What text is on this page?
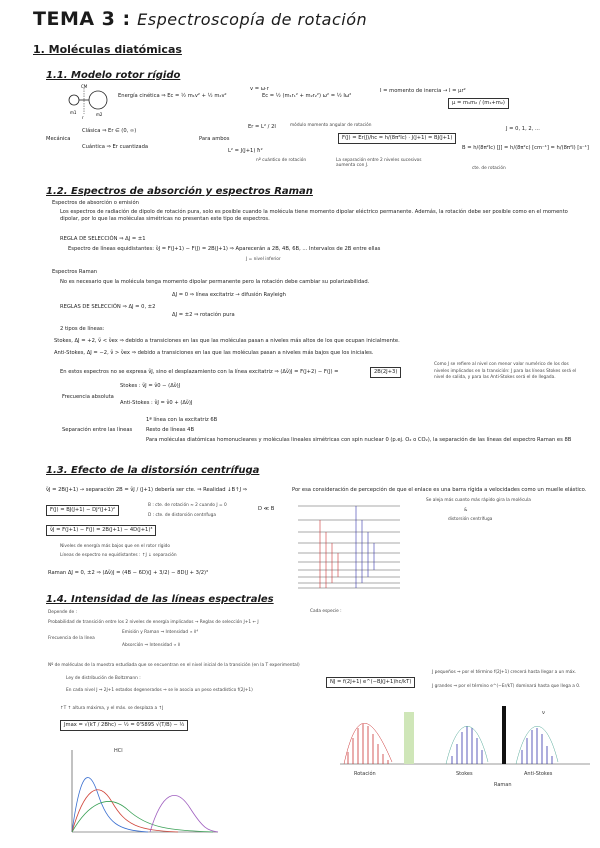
TEMA 3 : Espectroscopía de rotación
1. Moléculas diatómicas
1.1. Modelo rotor rígido
CM
m1	m2
r
Energía cinética ⇒ Ec = ½ m₁v² + ½ m₂v²
v = ω·r
Ec = ½ (m₁r₁² + m₂r₂²) ω² = ½ Iω²
I = momento de inercia → I = μr²
μ = m₁m₂ / (m₁+m₂)
Mecánica
Clásica ⇒ Er ∈ (0, ∞)
Cuántica ⇒ Er cuantizada
Para ambos
Er = L² / 2I	módulo momento angular de rotación
L² = J(J+1) ħ²
nº cuántico de rotación
F(J) = Er(J)/hc = h/(8π²Ic) · J(J+1) = BJ(J+1)
J = 0, 1, 2, ...
B = h/(8π²Ic) [J] = h/(8π²c) [cm⁻¹] = h/(8π²I) [s⁻¹]
cte. de rotación
La separación entre 2 niveles sucesivos aumenta con J.
1.2. Espectros de absorción y espectros Raman
Espectros de absorción o emisión
Los espectros de radiación de dipolo de rotación pura, solo es posible cuando la molécula tiene momento dipolar eléctrico permanente. Además, la rotación debe ser posible como en el momento dipolar, por lo que las moléculas simétricas no presentan este tipo de espectros.
REGLA DE SELECCIÓN ⇒ ΔJ = ±1
Espectro de líneas equidistantes: ν̃J = F(J+1) − F(J) = 2B(J+1) ⇒ Aparecerán a 2B, 4B, 6B, ... Intervalos de 2B entre ellas
J = nivel inferior
Espectros Raman
No es necesario que la molécula tenga momento dipolar permanente pero la rotación debe cambiar su polarizabilidad.
ΔJ = 0 ⇒ línea excitatriz → difusión Rayleigh
REGLAS DE SELECCIÓN ⇒ ΔJ = 0, ±2
ΔJ = ±2 ⇒ rotación pura
2 tipos de líneas:
Stokes, ΔJ = +2, ν̃ < ν̃ex ⇒ debido a transiciones en las que las moléculas pasan a niveles más altos de los que ocupan inicialmente.
Anti-Stokes, ΔJ = −2, ν̃ > ν̃ex ⇒ debido a transiciones en las que las moléculas pasan a niveles más bajos que los iniciales.
En estos espectros no se expresa ν̃J, sino el desplazamiento con la línea excitatriz ⇒ (Δν̃)J = F(J+2) − F(J) =	2B(2J+3)
Como J se refiere al nivel con menor valor numérico de los dos niveles implicados en la transición: J para las líneas Stokes será el nivel de salida, y para las Anti-Stokes será el de llegada.
Frecuencia absoluta
Stokes : ν̃J = ν̃0 − (Δν̃)J
Anti-Stokes : ν̃J = ν̃0 + (Δν̃)J
Separación entre las líneas
1ª línea con la excitatriz 6B
Resto de líneas 4B
Para moléculas diatómicas homonucleares y moléculas lineales simétricas con spin nuclear 0 (p.ej. O₂ o CO₂), la separación de las líneas del espectro Raman es 8B
1.3. Efecto de la distorsión centrífuga
ν̃J = 2B(J+1) → separación 2B = ν̃J / (J+1) debería ser cte. ⇒ Realidad ↓B↑J ⇒	Por esa consideración de percepción de que el enlace es una barra rígida a velocidades como un muelle elástico.
F(J) = BJ(J+1) − DJ²(J+1)²
B : cte. de rotación ≈ 2 cuando J = 0
D : cte. de distorsión centrífuga
D ≪ B
ν̃J = F(J+1) − F(J) = 2B(J+1) − 4D(J+1)³
Niveles de energía más bajos que en el rotor rígido
Líneas de espectro no equidistantes : ↑J ↓ separación
Raman ΔJ = 0, ±2 ⇒ (Δν̃)J = (4B − 6D)(J + 3/2) − 8D(J + 3/2)³
Se aleja más cuanto más rápido gira la molécula
&
distorsión centrífuga
1.4. Intensidad de las líneas espectrales
Depende de :	Cada especie :
Probabilidad de transición entre los 2 niveles de energía implicados → Reglas de selección J+1 ← J
Frecuencia de la línea
Emisión y Raman ⇒ Intensidad ∝ ν̃⁴
Absorción ⇒ Intensidad ∝ ν̃
Nº de moléculas de la muestra estudiada que se encuentran en el nivel inicial de la transición (en la T experimental)
Ley de distribución de Boltzmann :
En cada nivel J ⇒ 2J+1 estados degenerados ⇒ se le asocia un peso estadístico f(2J+1)
NJ = f(2J+1) e^(−BJ(J+1)hc/kT)
J pequeños ⇒ por el término f(2J+1) crecerá hasta llegar a un máx.
J grandes ⇒ por el término e^(−Er/kT) dominará hasta que llega a 0.
↑T ↑ altura máxima, y el máx. se desplaza a ↑J
Jmax = √(kT / 2Bhc) − ½ = 0'5895 √(T/B) − ½
HCl
Rotación	Stokes	Anti-Stokes
Raman
ν
